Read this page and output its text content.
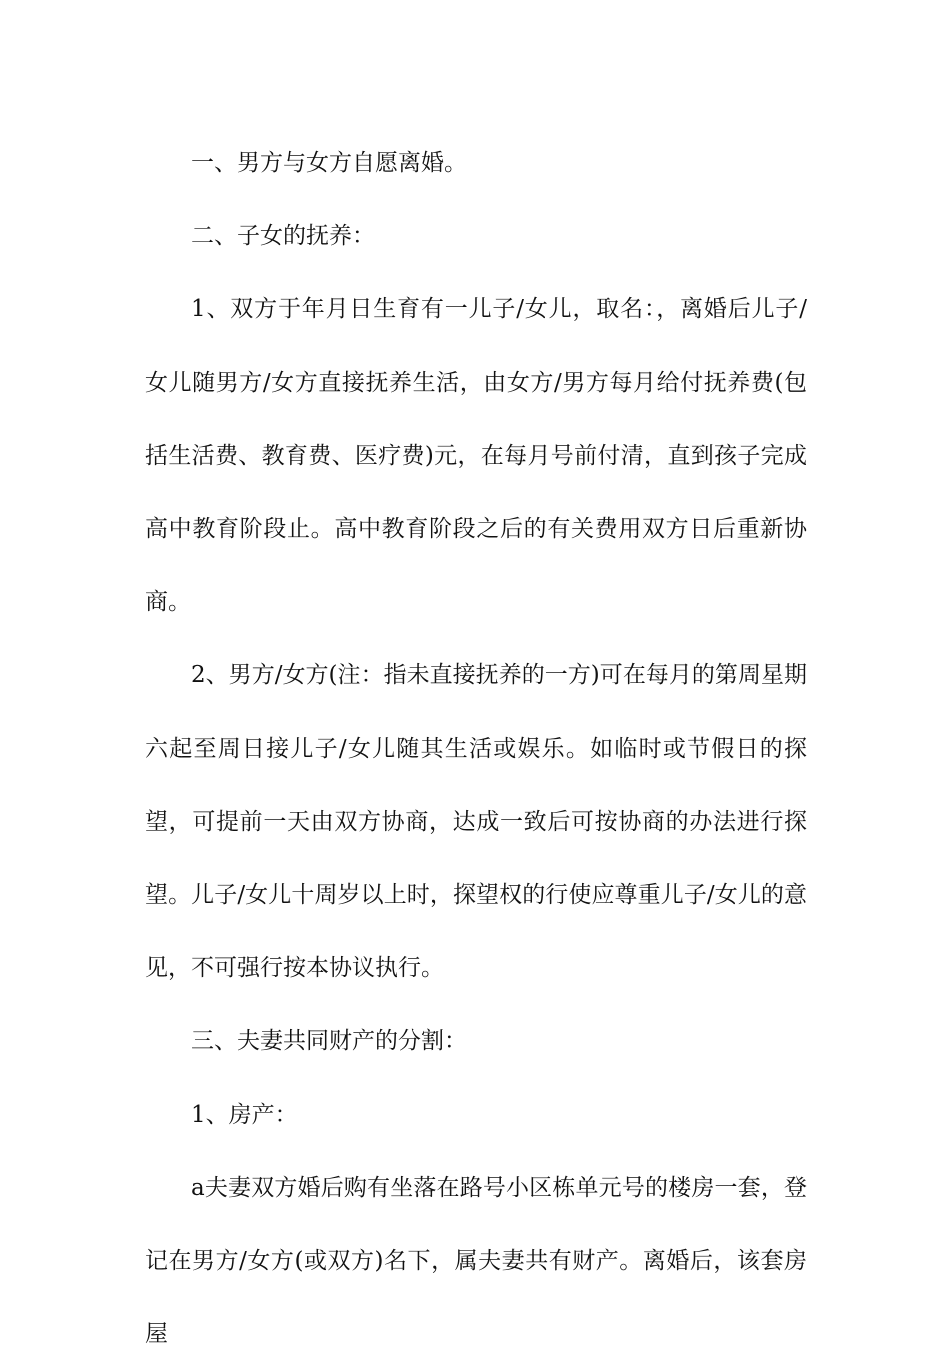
一、男方与女方自愿离婚。

二、子女的抚养：

1、双方于年月日生育有一儿子/女儿，取名：，离婚后儿子/女儿随男方/女方直接抚养生活，由女方/男方每月给付抚养费(包括生活费、教育费、医疗费)元，在每月号前付清，直到孩子完成高中教育阶段止。高中教育阶段之后的有关费用双方日后重新协商。

2、男方/女方(注：指未直接抚养的一方)可在每月的第周星期六起至周日接儿子/女儿随其生活或娱乐。如临时或节假日的探望，可提前一天由双方协商，达成一致后可按协商的办法进行探望。儿子/女儿十周岁以上时，探望权的行使应尊重儿子/女儿的意见，不可强行按本协议执行。

三、夫妻共同财产的分割：

1、房产：

a夫妻双方婚后购有坐落在路号小区栋单元号的楼房一套，登记在男方/女方(或双方)名下，属夫妻共有财产。离婚后，该套房屋
